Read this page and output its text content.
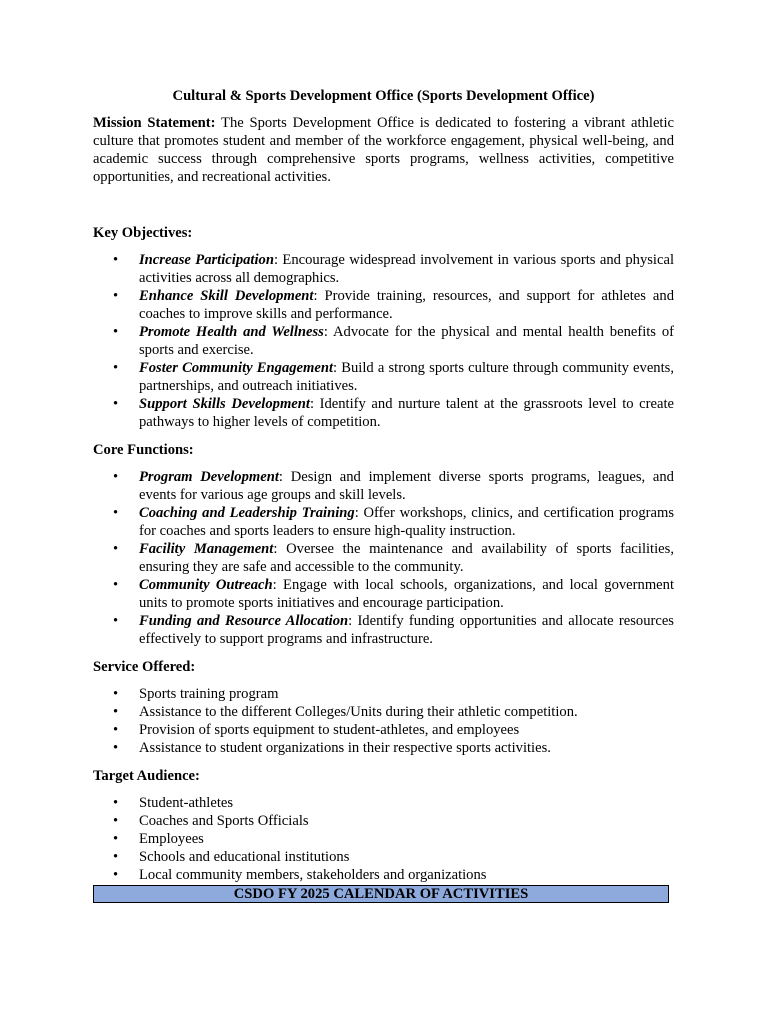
Cultural & Sports Development Office (Sports Development Office)

Mission Statement: The Sports Development Office is dedicated to fostering a vibrant athletic culture that promotes student and member of the workforce engagement, physical well-being, and academic success through comprehensive sports programs, wellness activities, competitive opportunities, and recreational activities.

Key Objectives:

• Increase Participation: Encourage widespread involvement in various sports and physical activities across all demographics.
• Enhance Skill Development: Provide training, resources, and support for athletes and coaches to improve skills and performance.
• Promote Health and Wellness: Advocate for the physical and mental health benefits of sports and exercise.
• Foster Community Engagement: Build a strong sports culture through community events, partnerships, and outreach initiatives.
• Support Skills Development: Identify and nurture talent at the grassroots level to create pathways to higher levels of competition.

Core Functions:

• Program Development: Design and implement diverse sports programs, leagues, and events for various age groups and skill levels.
• Coaching and Leadership Training: Offer workshops, clinics, and certification programs for coaches and sports leaders to ensure high-quality instruction.
• Facility Management: Oversee the maintenance and availability of sports facilities, ensuring they are safe and accessible to the community.
• Community Outreach: Engage with local schools, organizations, and local government units to promote sports initiatives and encourage participation.
• Funding and Resource Allocation: Identify funding opportunities and allocate resources effectively to support programs and infrastructure.

Service Offered:

• Sports training program
• Assistance to the different Colleges/Units during their athletic competition.
• Provision of sports equipment to student-athletes, and employees
• Assistance to student organizations in their respective sports activities.

Target Audience:

• Student-athletes
• Coaches and Sports Officials
• Employees
• Schools and educational institutions
• Local community members, stakeholders and organizations
CSDO FY 2025 CALENDAR OF ACTIVITIES
